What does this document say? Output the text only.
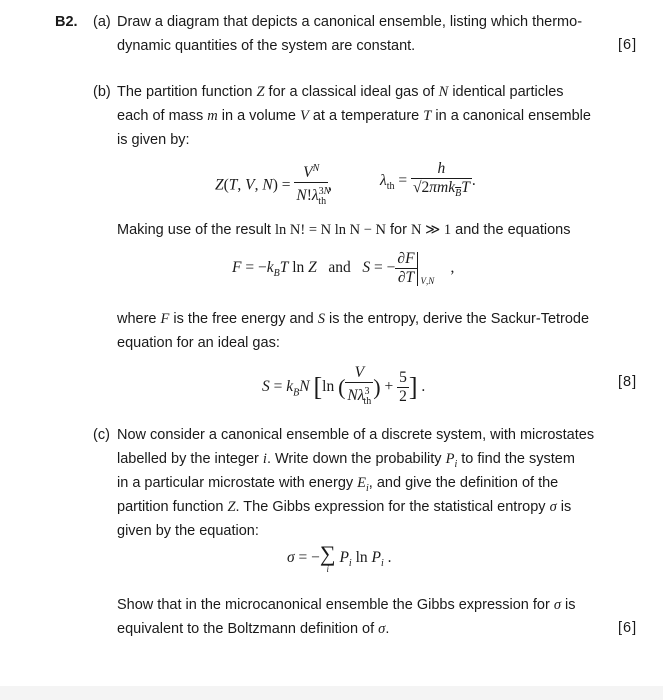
B2. (a) Draw a diagram that depicts a canonical ensemble, listing which thermo-
dynamic quantities of the system are constant.	[6]
(b) The partition function Z for a classical ideal gas of N identical particles
each of mass m in a volume V at a temperature T in a canonical ensemble
is given by:
Z(T, V, $N) = \frac{V^N}{N!\lambda^{3N}_{th}}$ ,	$\lambda_{th} = \frac{h}{√2\pi mk_BT}$ .
Making use of the result ln N! = N ln N − N for N ≫ 1 and the equations
$F = -k_BT$ ln Z   and   S = − $\frac{\partial F}{\partial T} V,N$
,
where F is the free energy and S is the entropy, derive the Sackur-Tetrode
equation for an ideal gas:
$S = k_BN$ [ln ( $\frac{V}{N\lambda^3_{th}}$ ) + $\frac{5}{2}$ ] .	[8]
(c) Now consider a canonical ensemble of a discrete system, with microstates
labelled by the integer i. Write down the probability $P_i$ to find the system
in a particular microstate with energy $E_i$, and give the definition of the
partition function Z. The Gibbs expression for the statistical entropy σ is
given by the equation:
σ = − ∑
i
$P_i$ $\ln P_i$ .
Show that in the microcanonical ensemble the Gibbs expression for σ is
equivalent to the Boltzmann definition of σ.	[6]
